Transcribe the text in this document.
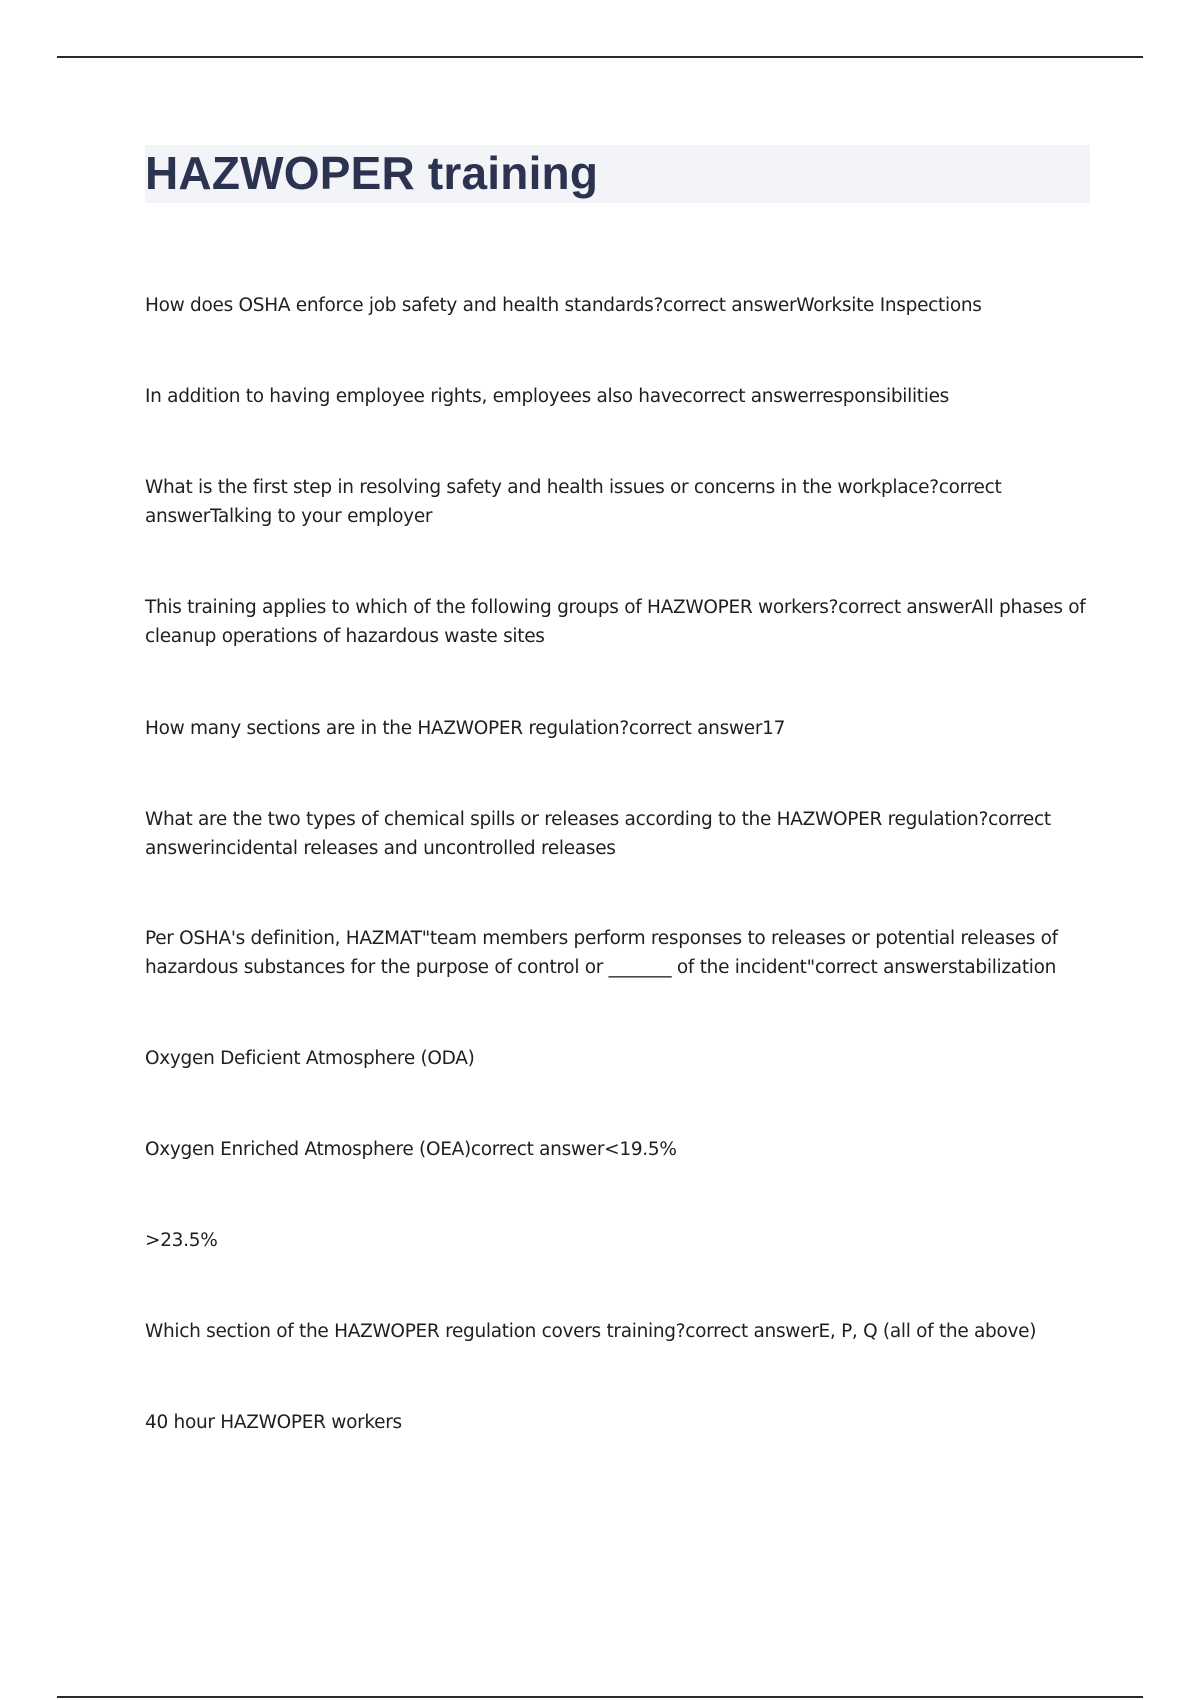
HAZWOPER training
How does OSHA enforce job safety and health standards?correct answerWorksite Inspections
In addition to having employee rights, employees also havecorrect answerresponsibilities
What is the first step in resolving safety and health issues or concerns in the workplace?correct answerTalking to your employer
This training applies to which of the following groups of HAZWOPER workers?correct answerAll phases of cleanup operations of hazardous waste sites
How many sections are in the HAZWOPER regulation?correct answer17
What are the two types of chemical spills or releases according to the HAZWOPER regulation?correct answerincidental releases and uncontrolled releases
Per OSHA's definition, HAZMAT"team members perform responses to releases or potential releases of hazardous substances for the purpose of control or _______ of the incident"correct answerstabilization
Oxygen Deficient Atmosphere (ODA)
Oxygen Enriched Atmosphere (OEA)correct answer<19.5%
>23.5%
Which section of the HAZWOPER regulation covers training?correct answerE, P, Q (all of the above)
40 hour HAZWOPER workers
